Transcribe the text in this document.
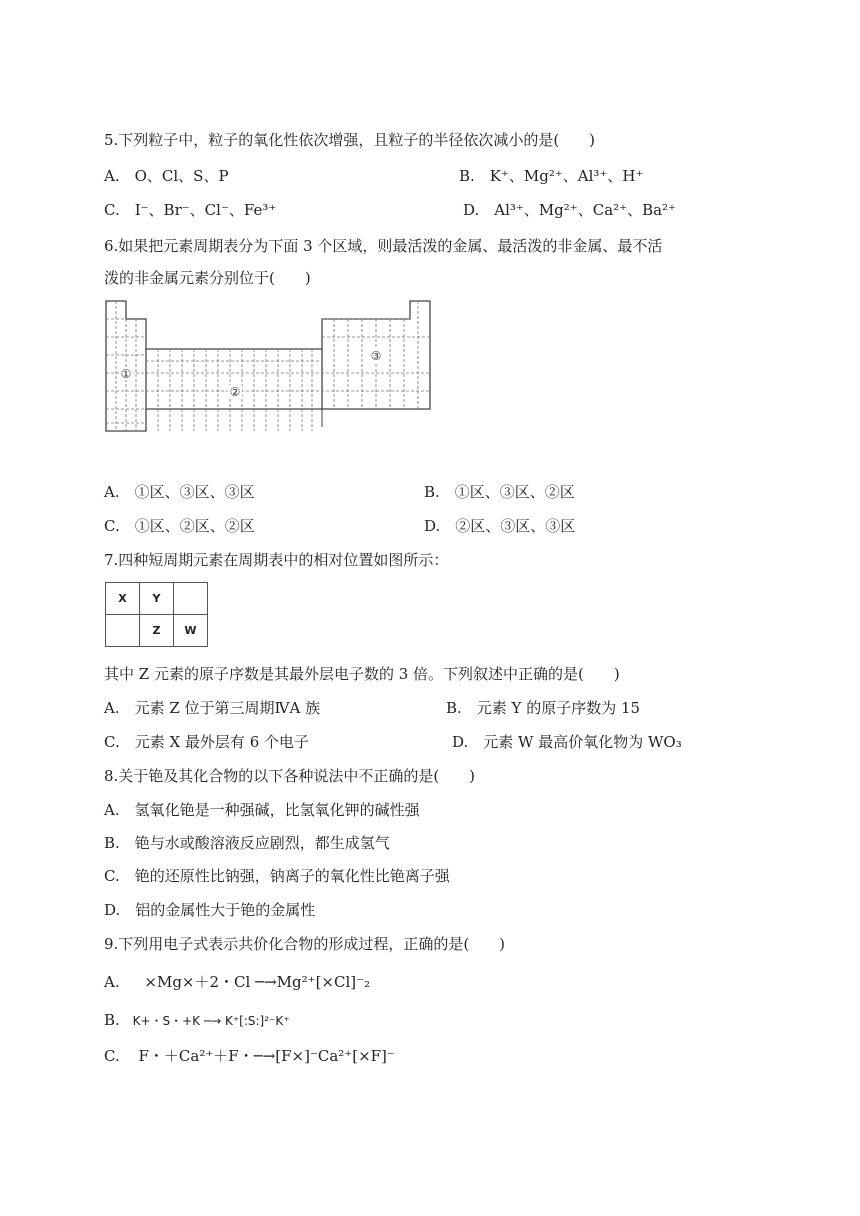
5.下列粒子中，粒子的氧化性依次增强，且粒子的半径依次减小的是(　　)
A.　O、Cl、S、P	B.　K⁺、Mg²⁺、Al³⁺、H⁺
C.　I⁻、Br⁻、Cl⁻、Fe³⁺	D.　Al³⁺、Mg²⁺、Ca²⁺、Ba²⁺
6.如果把元素周期表分为下面 3 个区域，则最活泼的金属、最活泼的非金属、最不活
泼的非金属元素分别位于(　　)
①
②
③
A.　①区、③区、③区	B.　①区、③区、②区
C.　①区、②区、②区	D.　②区、③区、③区
7.四种短周期元素在周期表中的相对位置如图所示：
X	Y	
	Z	W
其中 Z 元素的原子序数是其最外层电子数的 3 倍。下列叙述中正确的是(　　)
A.　元素 Z 位于第三周期ⅣA 族	B.　元素 Y 的原子序数为 15
C.　元素 X 最外层有 6 个电子	D.　元素 W 最高价氧化物为 WO₃
8.关于铯及其化合物的以下各种说法中不正确的是(　　)
A.　氢氧化铯是一种强碱，比氢氧化钾的碱性强
B.　铯与水或酸溶液反应剧烈，都生成氢气
C.　铯的还原性比钠强，钠离子的氧化性比铯离子强
D.　铝的金属性大于铯的金属性
9.下列用电子式表示共价化合物的形成过程，正确的是(　　)
A. ×Mg×＋2・Cl ─→Mg²⁺[×Cl]⁻₂
B. K+・S・+K ─→ K⁺[:S:]²⁻K⁺
C. F・＋Ca²⁺＋F・─→[F×]⁻Ca²⁺[×F]⁻
